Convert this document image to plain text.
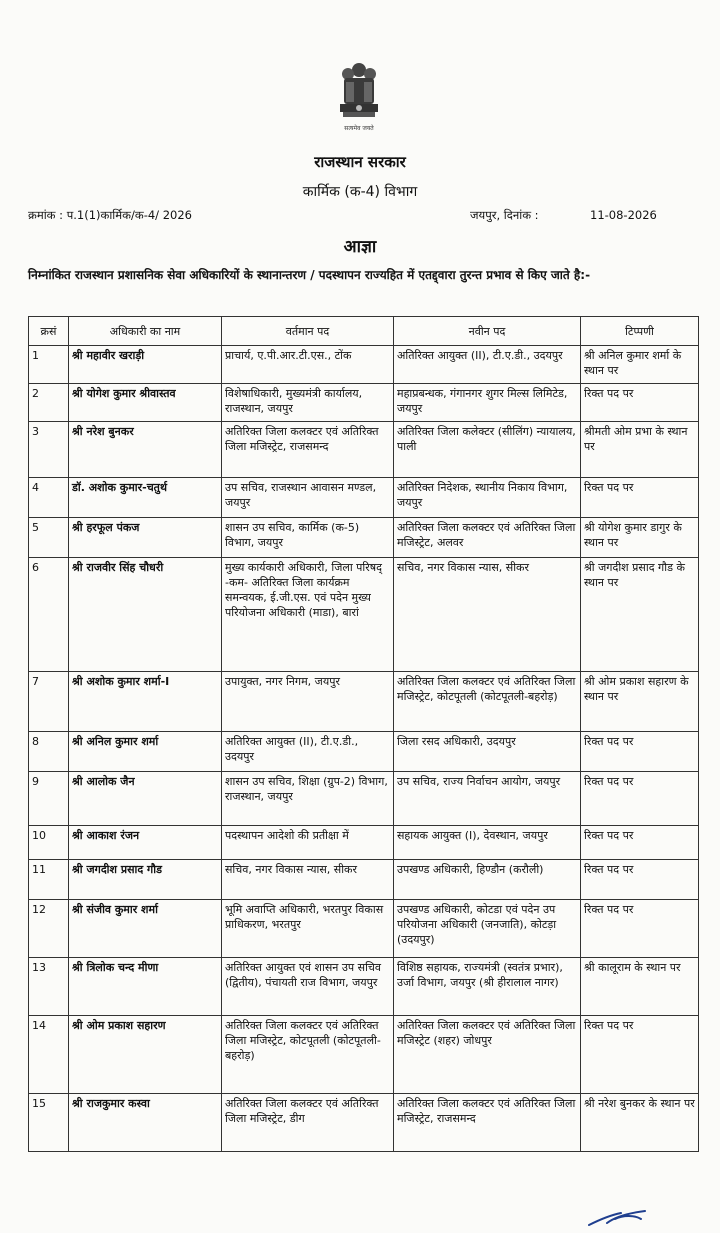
सत्यमेव जयते
राजस्थान सरकार
कार्मिक (क-4) विभाग
क्रमांक : प.1(1)कार्मिक/क-4/ 2026	जयपुर, दिनांक :	11-08-2026
आज्ञा
निम्नांकित राजस्थान प्रशासनिक सेवा अधिकारियों के स्थानान्तरण / पदस्थापन राज्यहित में एतद्द्वारा तुरन्त प्रभाव से किए जाते है:-
क्रसं	अधिकारी का नाम	वर्तमान पद	नवीन पद	टिप्पणी
1	श्री महावीर खराड़ी	प्राचार्य, ए.पी.आर.टी.एस., टोंक	अतिरिक्त आयुक्त (II), टी.ए.डी., उदयपुर	श्री अनिल कुमार शर्मा के स्थान पर
2	श्री योगेश कुमार श्रीवास्तव	विशेषाधिकारी, मुख्यमंत्री कार्यालय, राजस्थान, जयपुर	महाप्रबन्धक, गंगानगर शुगर मिल्स लिमिटेड, जयपुर	रिक्त पद पर
3	श्री नरेश बुनकर	अतिरिक्त जिला कलक्टर एवं अतिरिक्त जिला मजिस्ट्रेट, राजसमन्द	अतिरिक्त जिला कलेक्टर (सीलिंग) न्यायालय, पाली	श्रीमती ओम प्रभा के स्थान पर
4	डॉ. अशोक कुमार-चतुर्थ	उप सचिव, राजस्थान आवासन मण्डल, जयपुर	अतिरिक्त निदेशक, स्थानीय निकाय विभाग, जयपुर	रिक्त पद पर
5	श्री हरफूल पंकज	शासन उप सचिव, कार्मिक (क-5) विभाग, जयपुर	अतिरिक्त जिला कलक्टर एवं अतिरिक्त जिला मजिस्ट्रेट, अलवर	श्री योगेश कुमार डागुर के स्थान पर
6	श्री राजवीर सिंह चौधरी	मुख्य कार्यकारी अधिकारी, जिला परिषद् -कम- अतिरिक्त जिला कार्यक्रम समन्वयक, ई.जी.एस. एवं पदेन मुख्य परियोजना अधिकारी (माडा), बारां	सचिव, नगर विकास न्यास, सीकर	श्री जगदीश प्रसाद गौड के स्थान पर
7	श्री अशोक कुमार शर्मा-I	उपायुक्त, नगर निगम, जयपुर	अतिरिक्त जिला कलक्टर एवं अतिरिक्त जिला मजिस्ट्रेट, कोटपूतली (कोटपूतली-बहरोड़)	श्री ओम प्रकाश सहारण के स्थान पर
8	श्री अनिल कुमार शर्मा	अतिरिक्त आयुक्त (II), टी.ए.डी., उदयपुर	जिला रसद अधिकारी, उदयपुर	रिक्त पद पर
9	श्री आलोक जैन	शासन उप सचिव, शिक्षा (ग्रुप-2) विभाग, राजस्थान, जयपुर	उप सचिव, राज्य निर्वाचन आयोग, जयपुर	रिक्त पद पर
10	श्री आकाश रंजन	पदस्थापन आदेशो की प्रतीक्षा में	सहायक आयुक्त (I), देवस्थान, जयपुर	रिक्त पद पर
11	श्री जगदीश प्रसाद गौड	सचिव, नगर विकास न्यास, सीकर	उपखण्ड अधिकारी, हिण्डौन (करौली)	रिक्त पद पर
12	श्री संजीव कुमार शर्मा	भूमि अवाप्ति अधिकारी, भरतपुर विकास प्राधिकरण, भरतपुर	उपखण्ड अधिकारी, कोटडा एवं पदेन उप परियोजना अधिकारी (जनजाति), कोटड़ा (उदयपुर)	रिक्त पद पर
13	श्री त्रिलोक चन्द मीणा	अतिरिक्त आयुक्त एवं शासन उप सचिव (द्वितीय), पंचायती राज विभाग, जयपुर	विशिष्ठ सहायक, राज्यमंत्री (स्वतंत्र प्रभार), उर्जा विभाग, जयपुर (श्री हीरालाल नागर)	श्री कालूराम के स्थान पर
14	श्री ओम प्रकाश सहारण	अतिरिक्त जिला कलक्टर एवं अतिरिक्त जिला मजिस्ट्रेट, कोटपूतली (कोटपूतली-बहरोड़)	अतिरिक्त जिला कलक्टर एवं अतिरिक्त जिला मजिस्ट्रेट (शहर) जोधपुर	रिक्त पद पर
15	श्री राजकुमार कस्वा	अतिरिक्त जिला कलक्टर एवं अतिरिक्त जिला मजिस्ट्रेट, डीग	अतिरिक्त जिला कलक्टर एवं अतिरिक्त जिला मजिस्ट्रेट, राजसमन्द	श्री नरेश बुनकर के स्थान पर
